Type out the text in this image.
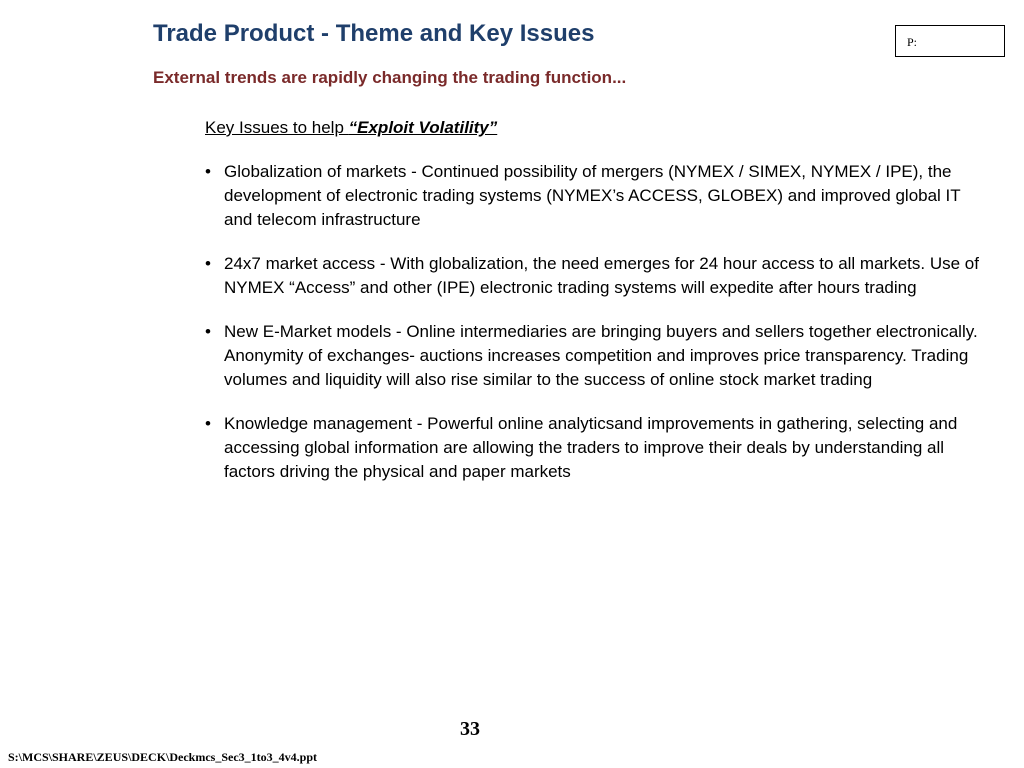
Trade Product - Theme and Key Issues	P:
External trends are rapidly changing the trading function...
Key Issues to help “Exploit Volatility”
• Globalization of markets - Continued possibility of mergers (NYMEX / SIMEX, NYMEX / IPE), the development of electronic trading systems (NYMEX’s ACCESS, GLOBEX) and improved global IT and telecom infrastructure
• 24x7 market access - With globalization, the need emerges for 24 hour access to all markets. Use of NYMEX “Access” and other (IPE) electronic trading systems will expedite after hours trading
• New E-Market models - Online intermediaries are bringing buyers and sellers together electronically. Anonymity of exchanges- auctions increases competition and improves price transparency. Trading volumes and liquidity will also rise similar to the success of online stock market trading
• Knowledge management - Powerful online analyticsand improvements in gathering, selecting and accessing global information are allowing the traders to improve their deals by understanding all factors driving the physical and paper markets
33
S:\MCS\SHARE\ZEUS\DECK\Deckmcs_Sec3_1to3_4v4.ppt
